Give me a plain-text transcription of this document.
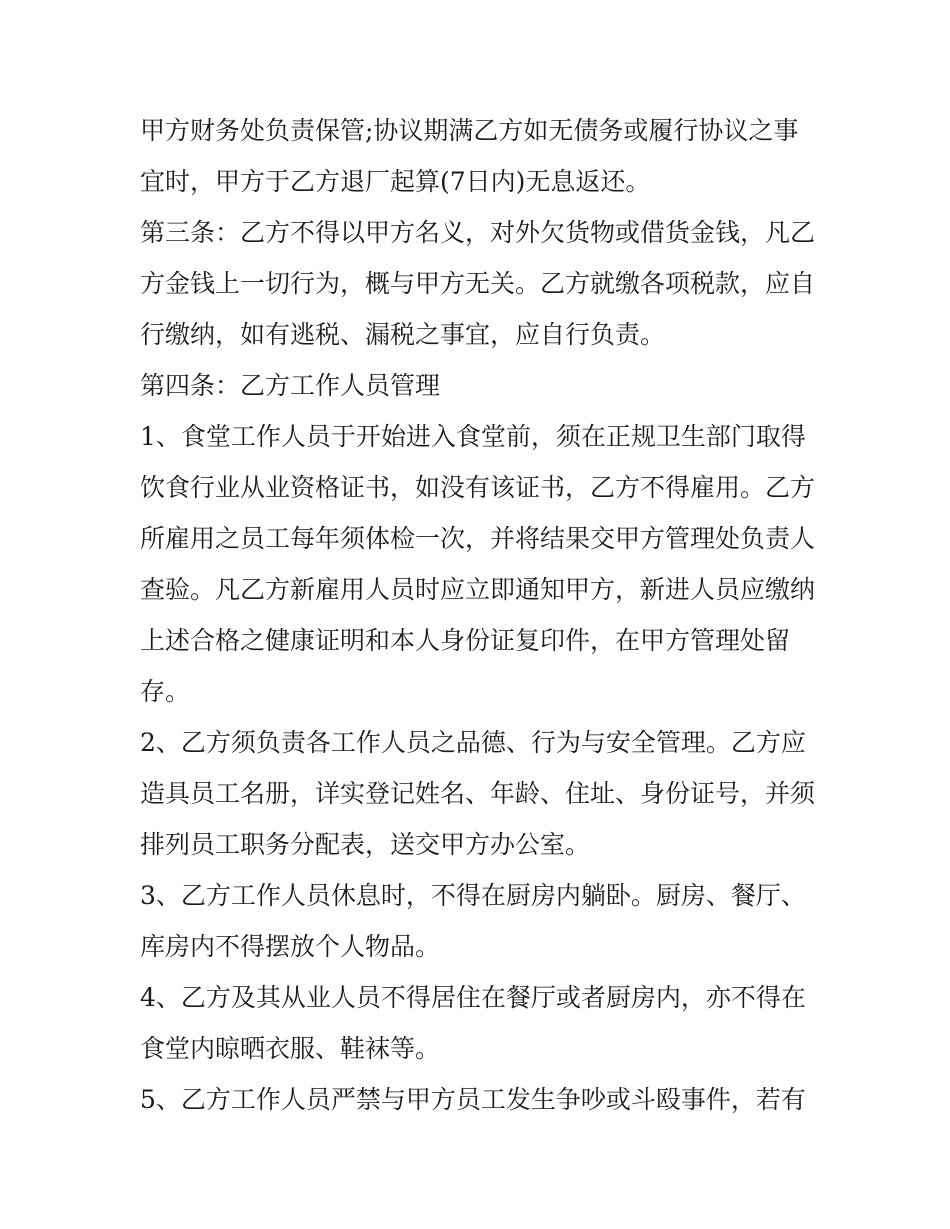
甲方财务处负责保管;协议期满乙方如无债务或履行协议之事
宜时，甲方于乙方退厂起算(7日内)无息返还。
第三条：乙方不得以甲方名义，对外欠货物或借货金钱，凡乙
方金钱上一切行为，概与甲方无关。乙方就缴各项税款，应自
行缴纳，如有逃税、漏税之事宜，应自行负责。
第四条：乙方工作人员管理
1、食堂工作人员于开始进入食堂前，须在正规卫生部门取得
饮食行业从业资格证书，如没有该证书，乙方不得雇用。乙方
所雇用之员工每年须体检一次，并将结果交甲方管理处负责人
查验。凡乙方新雇用人员时应立即通知甲方，新进人员应缴纳
上述合格之健康证明和本人身份证复印件，在甲方管理处留
存。
2、乙方须负责各工作人员之品德、行为与安全管理。乙方应
造具员工名册，详实登记姓名、年龄、住址、身份证号，并须
排列员工职务分配表，送交甲方办公室。
3、乙方工作人员休息时，不得在厨房内躺卧。厨房、餐厅、
库房内不得摆放个人物品。
4、乙方及其从业人员不得居住在餐厅或者厨房内，亦不得在
食堂内晾晒衣服、鞋袜等。
5、乙方工作人员严禁与甲方员工发生争吵或斗殴事件，若有
